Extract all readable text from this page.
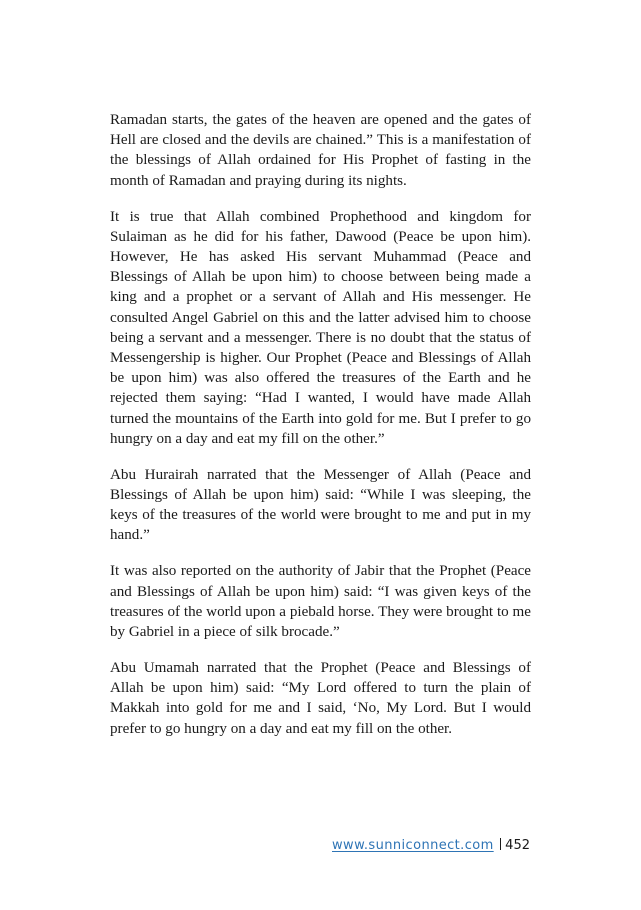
Ramadan starts, the gates of the heaven are opened and the gates of Hell are closed and the devils are chained.” This is a manifestation of the blessings of Allah ordained for His Prophet of fasting in the month of Ramadan and praying during its nights.

It is true that Allah combined Prophethood and kingdom for Sulaiman as he did for his father, Dawood (Peace be upon him). However, He has asked His servant Muhammad (Peace and Blessings of Allah be upon him) to choose between being made a king and a prophet or a servant of Allah and His messenger. He consulted Angel Gabriel on this and the latter advised him to choose being a servant and a messenger. There is no doubt that the status of Messengership is higher. Our Prophet (Peace and Blessings of Allah be upon him) was also offered the treasures of the Earth and he rejected them saying: “Had I wanted, I would have made Allah turned the mountains of the Earth into gold for me. But I prefer to go hungry on a day and eat my fill on the other.”

Abu Hurairah narrated that the Messenger of Allah (Peace and Blessings of Allah be upon him) said: “While I was sleeping, the keys of the treasures of the world were brought to me and put in my hand.”

It was also reported on the authority of Jabir that the Prophet (Peace and Blessings of Allah be upon him) said: “I was given keys of the treasures of the world upon a piebald horse. They were brought to me by Gabriel in a piece of silk brocade.”

Abu Umamah narrated that the Prophet (Peace and Blessings of Allah be upon him) said: “My Lord offered to turn the plain of Makkah into gold for me and I said, ‘No, My Lord. But I would prefer to go hungry on a day and eat my fill on the other.

www.sunniconnect.com 452
